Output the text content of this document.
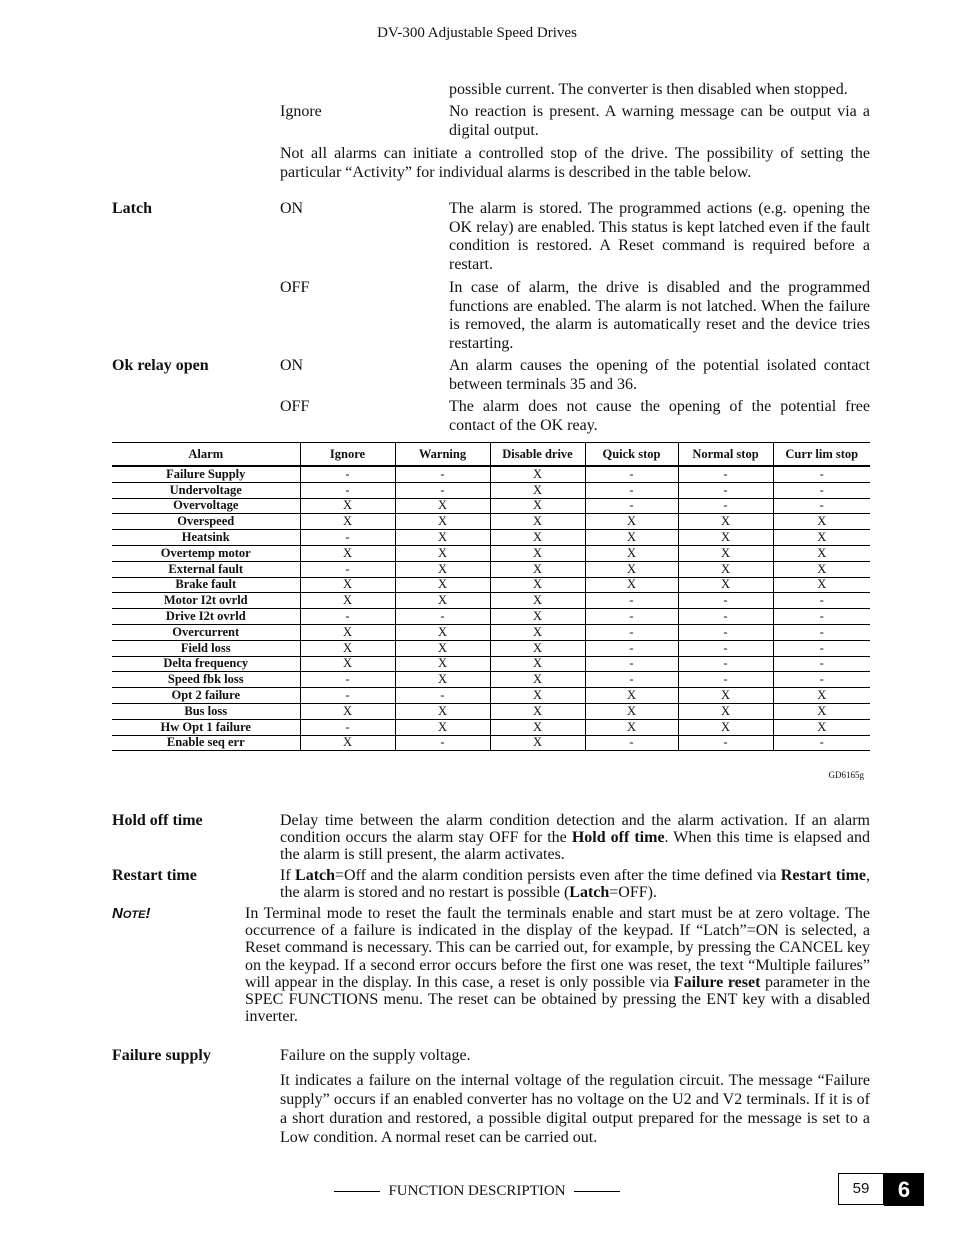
DV-300 Adjustable Speed Drives
possible current. The converter is then disabled when stopped.
Ignore	No reaction is present. A warning message can be output via a digital output.
Not all alarms can initiate a controlled stop of the drive. The possibility of setting the particular “Activity” for individual alarms is described in the table below.
Latch	ON	The alarm is stored. The programmed actions (e.g. opening the OK relay) are enabled. This status is kept latched even if the fault condition is restored. A Reset command is required before a restart.
OFF	In case of alarm, the drive is disabled and the programmed functions are enabled. The alarm is not latched. When the failure is removed, the alarm is automatically reset and the device tries restarting.
Ok relay open	ON	An alarm causes the opening of the potential isolated contact between terminals 35 and 36.
OFF	The alarm does not cause the opening of the potential free contact of the OK reay.
Alarm	Ignore	Warning	Disable drive	Quick stop	Normal stop	Curr lim stop
Failure Supply	-	-	X	-	-	-
Undervoltage	-	-	X	-	-	-
Overvoltage	X	X	X	-	-	-
Overspeed	X	X	X	X	X	X
Heatsink	-	X	X	X	X	X
Overtemp motor	X	X	X	X	X	X
External fault	-	X	X	X	X	X
Brake fault	X	X	X	X	X	X
Motor I2t ovrld	X	X	X	-	-	-
Drive I2t ovrld	-	-	X	-	-	-
Overcurrent	X	X	X	-	-	-
Field loss	X	X	X	-	-	-
Delta frequency	X	X	X	-	-	-
Speed fbk loss	-	X	X	-	-	-
Opt 2 failure	-	-	X	X	X	X
Bus loss	X	X	X	X	X	X
Hw Opt 1 failure	-	X	X	X	X	X
Enable seq err	X	-	X	-	-	-
GD6165g
Hold off time	Delay time between the alarm condition detection and the alarm activation. If an alarm condition occurs the alarm stay OFF for the Hold off time. When this time is elapsed and the alarm is still present, the alarm activates.
Restart time	If Latch=Off and the alarm condition persists even after the time defined via Restart time, the alarm is stored and no restart is possible (Latch=OFF).
Note!	In Terminal mode to reset the fault the terminals enable and start must be at zero voltage. The occurrence of a failure is indicated in the display of the keypad. If “Latch”=ON is selected, a Reset command is necessary. This can be carried out, for example, by pressing the CANCEL key on the keypad. If a second error occurs before the first one was reset, the text “Multiple failures” will appear in the display. In this case, a reset is only possible via Failure reset parameter in the SPEC FUNCTIONS menu. The reset can be obtained by pressing the ENT key with a disabled inverter.
Failure supply	Failure on the supply voltage.
It indicates a failure on the internal voltage of the regulation circuit. The message “Failure supply” occurs if an enabled converter has no voltage on the U2 and V2 terminals. If it is of a short duration and restored, a possible digital output prepared for the message is set to a Low condition. A normal reset can be carried out.
FUNCTION DESCRIPTION	59	6
